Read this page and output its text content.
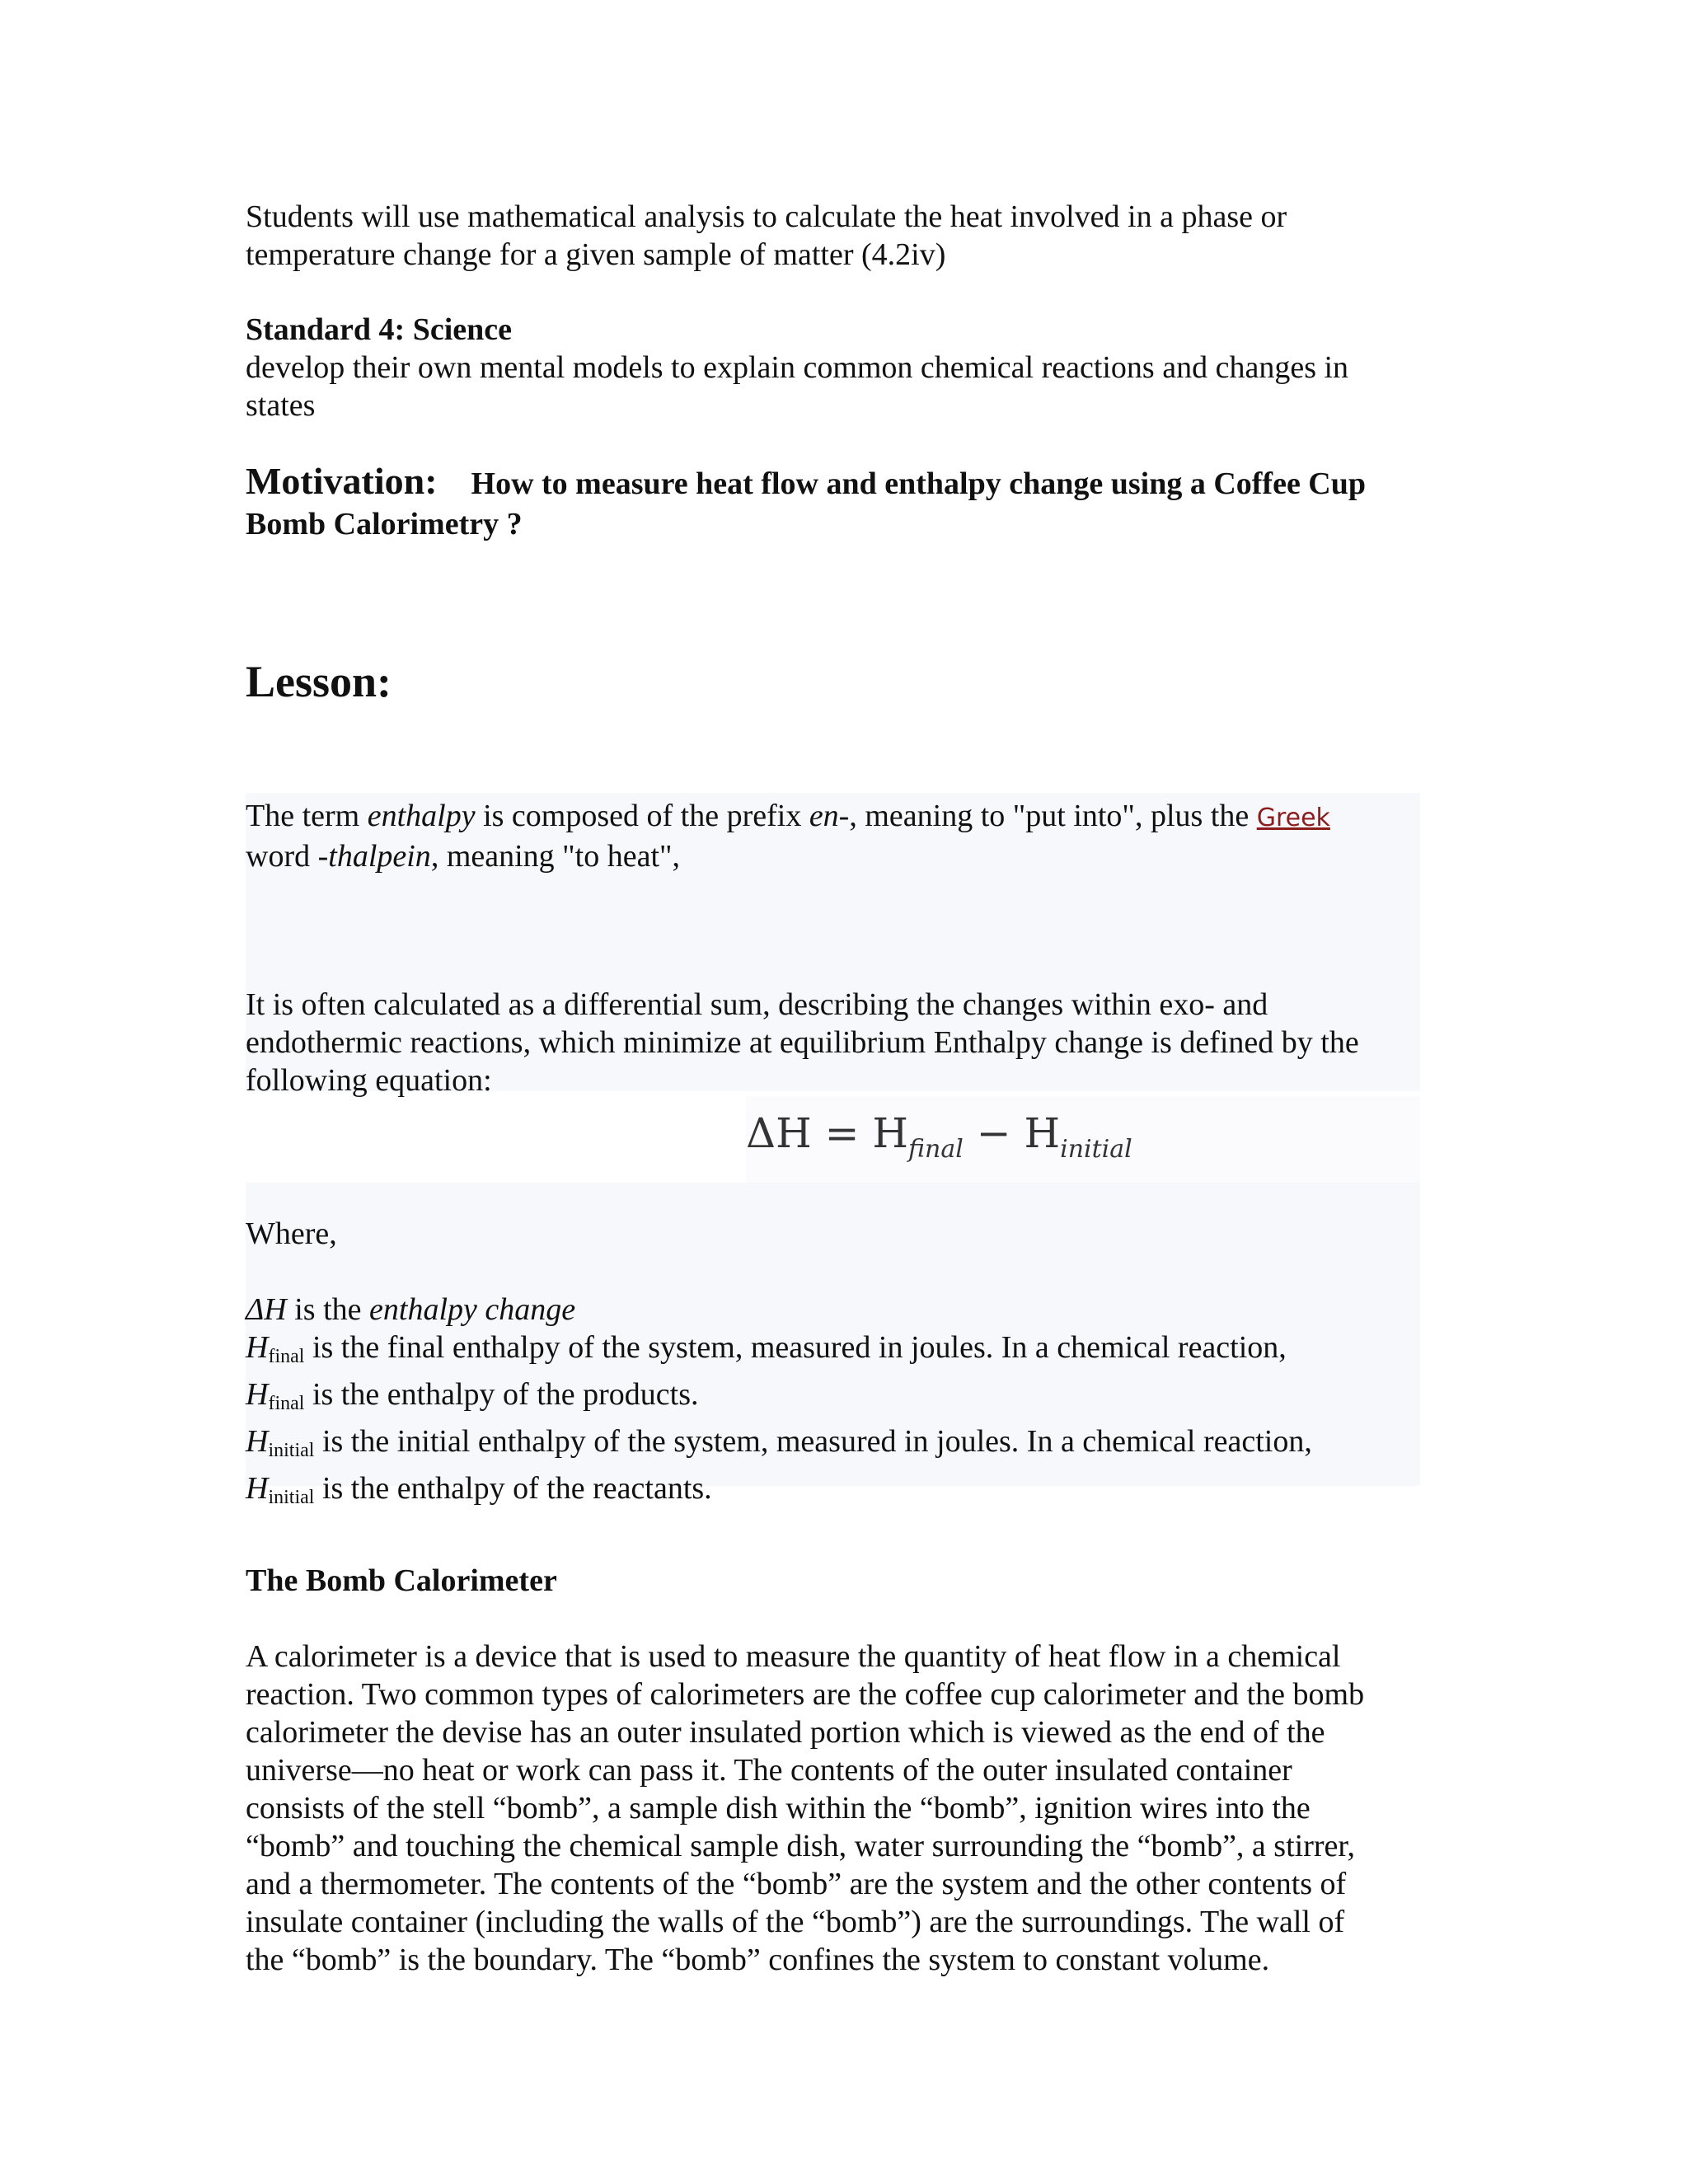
Students will use mathematical analysis to calculate the heat involved in a phase or

temperature change for a given sample of matter (4.2iv)

Standard 4: Science

develop their own mental models to explain common chemical reactions and changes in

states

Motivation: How to measure heat flow and enthalpy change using a Coffee Cup

Bomb Calorimetry ?

Lesson:

The term enthalpy is composed of the prefix en-, meaning to "put into", plus the Greek

word -thalpein, meaning "to heat",

It is often calculated as a differential sum, describing the changes within exo- and

endothermic reactions, which minimize at equilibrium Enthalpy change is defined by the

following equation:

$\Delta H = H_{final} - H_{initial}$

Where,

ΔH is the enthalpy change

$H_{final}$ is the final enthalpy of the system, measured in joules. In a chemical reaction,

$H_{final}$ is the enthalpy of the products.

$H_{initial}$ is the initial enthalpy of the system, measured in joules. In a chemical reaction,

$H_{initial}$ is the enthalpy of the reactants.

The Bomb Calorimeter

A calorimeter is a device that is used to measure the quantity of heat flow in a chemical

reaction. Two common types of calorimeters are the coffee cup calorimeter and the bomb

calorimeter the devise has an outer insulated portion which is viewed as the end of the

universe—no heat or work can pass it. The contents of the outer insulated container

consists of the stell “bomb”, a sample dish within the “bomb”, ignition wires into the

“bomb” and touching the chemical sample dish, water surrounding the “bomb”, a stirrer,

and a thermometer. The contents of the “bomb” are the system and the other contents of

insulate container (including the walls of the “bomb”) are the surroundings. The wall of

the “bomb” is the boundary. The “bomb” confines the system to constant volume.
